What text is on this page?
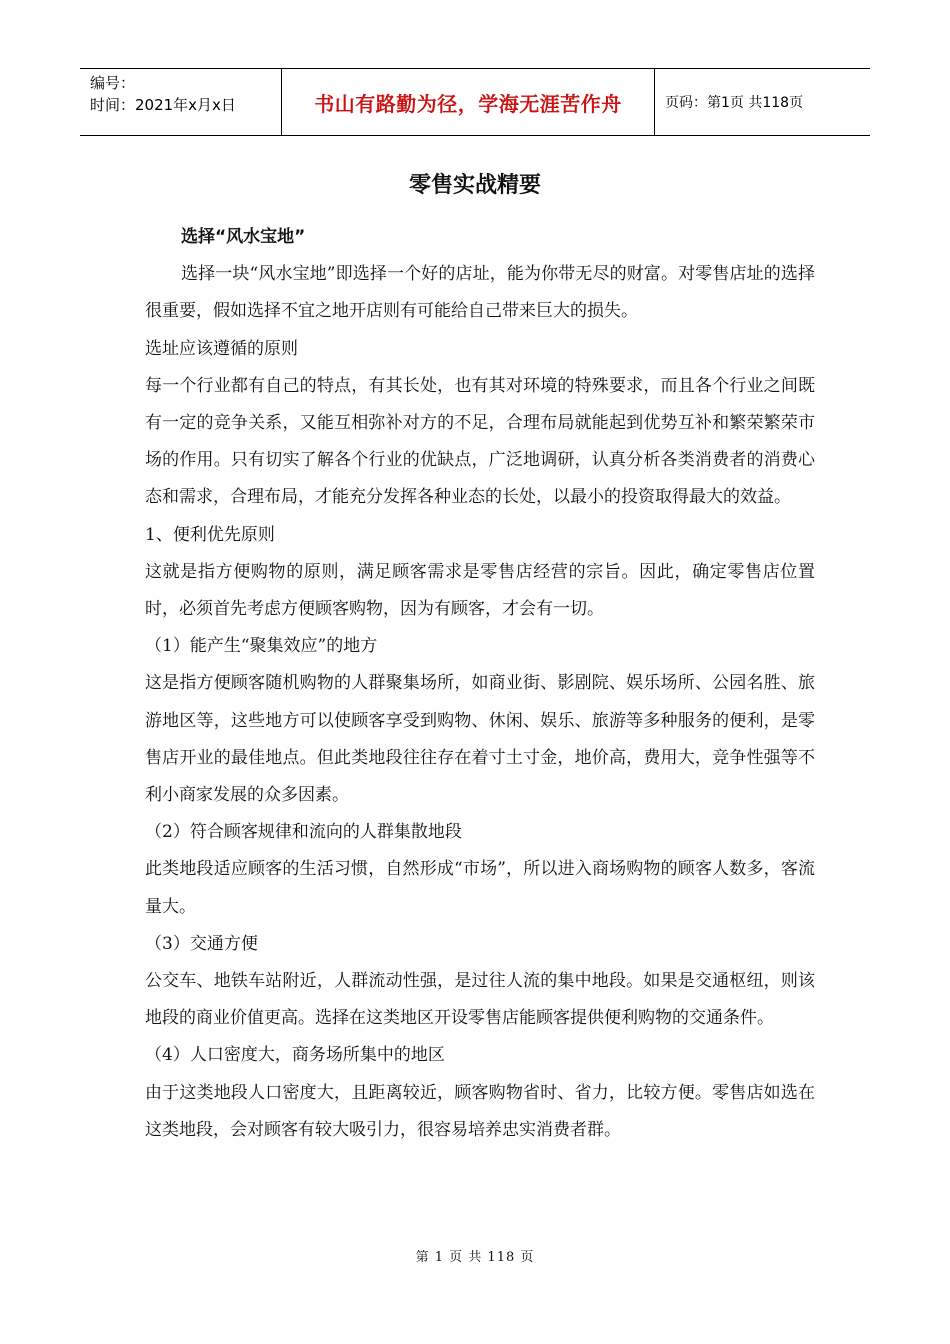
编号：
时间：2021年x月x日	书山有路勤为径，学海无涯苦作舟	页码：第1页 共118页
零售实战精要

选择“风水宝地”

选择一块“风水宝地”即选择一个好的店址，能为你带无尽的财富。对零售店址的选择很重要，假如选择不宜之地开店则有可能给自己带来巨大的损失。

选址应该遵循的原则

每一个行业都有自己的特点，有其长处，也有其对环境的特殊要求，而且各个行业之间既有一定的竞争关系，又能互相弥补对方的不足，合理布局就能起到优势互补和繁荣繁荣市场的作用。只有切实了解各个行业的优缺点，广泛地调研，认真分析各类消费者的消费心态和需求，合理布局，才能充分发挥各种业态的长处，以最小的投资取得最大的效益。

1、便利优先原则

这就是指方便购物的原则，满足顾客需求是零售店经营的宗旨。因此，确定零售店位置时，必须首先考虑方便顾客购物，因为有顾客，才会有一切。

（1）能产生“聚集效应”的地方

这是指方便顾客随机购物的人群聚集场所，如商业街、影剧院、娱乐场所、公园名胜、旅游地区等，这些地方可以使顾客享受到购物、休闲、娱乐、旅游等多种服务的便利，是零售店开业的最佳地点。但此类地段往往存在着寸土寸金，地价高，费用大，竞争性强等不利小商家发展的众多因素。

（2）符合顾客规律和流向的人群集散地段

此类地段适应顾客的生活习惯，自然形成“市场”，所以进入商场购物的顾客人数多，客流量大。

（3）交通方便

公交车、地铁车站附近，人群流动性强，是过往人流的集中地段。如果是交通枢纽，则该地段的商业价值更高。选择在这类地区开设零售店能顾客提供便利购物的交通条件。

（4）人口密度大，商务场所集中的地区

由于这类地段人口密度大，且距离较近，顾客购物省时、省力，比较方便。零售店如选在这类地段，会对顾客有较大吸引力，很容易培养忠实消费者群。

第 1 页 共 118 页
